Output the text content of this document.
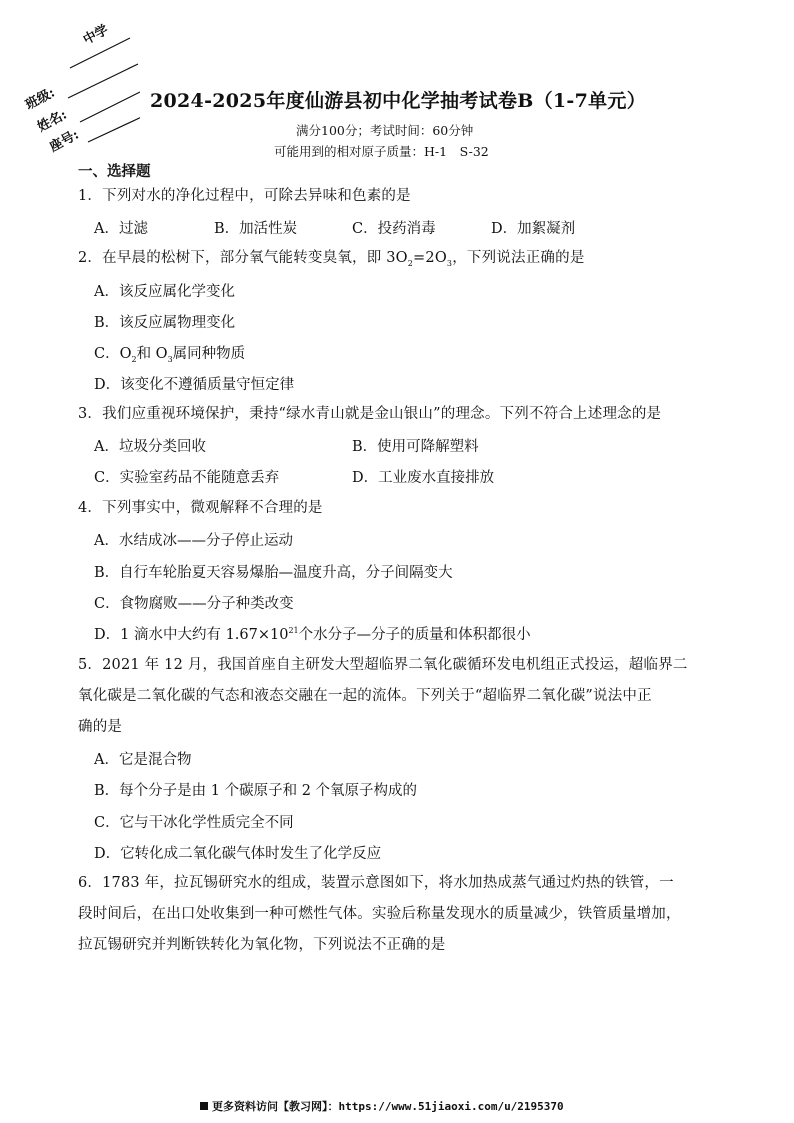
中学
班级:
姓名:
座号:
2024-2025年度仙游县初中化学抽考试卷B（1-7单元）
满分100分；考试时间：60分钟
可能用到的相对原子质量：H-1　S-32
一、选择题
1．下列对水的净化过程中，可除去异味和色素的是
A．过滤	B．加活性炭	C．投药消毒	D．加絮凝剂
2．在早晨的松树下，部分氧气能转变臭氧，即 $3O_2=2O_3$，下列说法正确的是
A．该反应属化学变化
B．该反应属物理变化
C．$O_2$和 $O_3$属同种物质
D．该变化不遵循质量守恒定律
3．我们应重视环境保护，秉持“绿水青山就是金山银山”的理念。下列不符合上述理念的是
A．垃圾分类回收	B．使用可降解塑料
C．实验室药品不能随意丢弃	D．工业废水直接排放
4．下列事实中，微观解释不合理的是
A．水结成冰——分子停止运动
B．自行车轮胎夏天容易爆胎—温度升高，分子间隔变大
C．食物腐败——分子种类改变
D．1 滴水中大约有 $1.67\times 10^{21}$个水分子—分子的质量和体积都很小
5．2021 年 12 月，我国首座自主研发大型超临界二氧化碳循环发电机组正式投运，超临界二
氧化碳是二氧化碳的气态和液态交融在一起的流体。下列关于“超临界二氧化碳”说法中正
确的是
A．它是混合物
B．每个分子是由 1 个碳原子和 2 个氧原子构成的
C．它与干冰化学性质完全不同
D．它转化成二氧化碳气体时发生了化学反应
6．1783 年，拉瓦锡研究水的组成，装置示意图如下，将水加热成蒸气通过灼热的铁管，一
段时间后，在出口处收集到一种可燃性气体。实验后称量发现水的质量减少，铁管质量增加，
拉瓦锡研究并判断铁转化为氧化物，下列说法不正确的是
更多资料访问【教习网】：https://www.51jiaoxi.com/u/2195370
